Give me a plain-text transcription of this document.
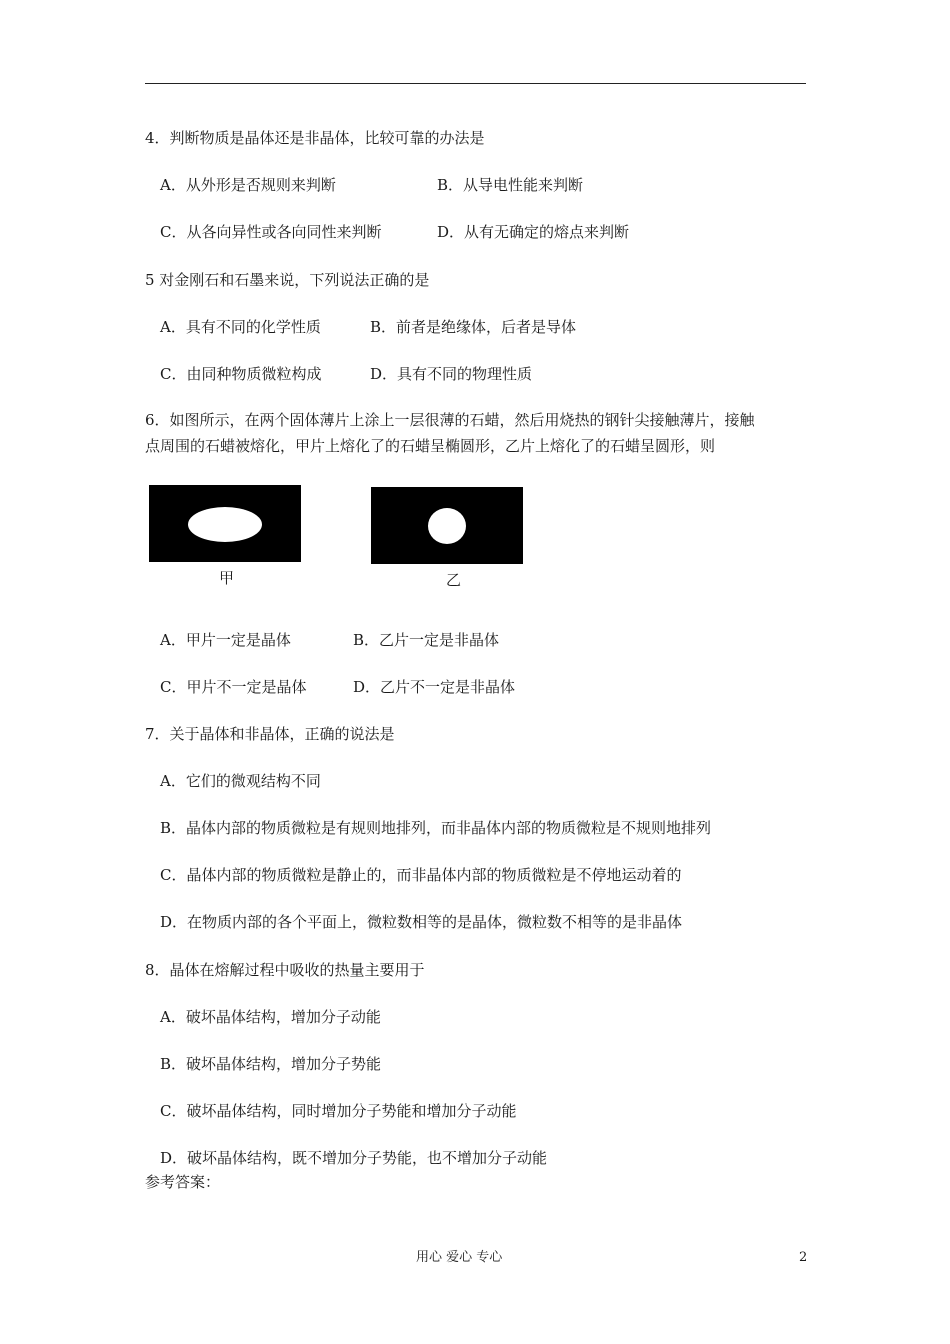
4．判断物质是晶体还是非晶体，比较可靠的办法是
A．从外形是否规则来判断	B．从导电性能来判断
C．从各向异性或各向同性来判断	D．从有无确定的熔点来判断
5 对金刚石和石墨来说，下列说法正确的是
A．具有不同的化学性质	B．前者是绝缘体，后者是导体
C．由同种物质微粒构成	D．具有不同的物理性质
6．如图所示，在两个固体薄片上涂上一层很薄的石蜡，然后用烧热的钢针尖接触薄片，接触
点周围的石蜡被熔化，甲片上熔化了的石蜡呈椭圆形，乙片上熔化了的石蜡呈圆形，则
甲	乙
A．甲片一定是晶体	B．乙片一定是非晶体
C．甲片不一定是晶体	D．乙片不一定是非晶体
7．关于晶体和非晶体，正确的说法是
A．它们的微观结构不同
B．晶体内部的物质微粒是有规则地排列，而非晶体内部的物质微粒是不规则地排列
C．晶体内部的物质微粒是静止的，而非晶体内部的物质微粒是不停地运动着的
D．在物质内部的各个平面上，微粒数相等的是晶体，微粒数不相等的是非晶体
8．晶体在熔解过程中吸收的热量主要用于
A．破坏晶体结构，增加分子动能
B．破坏晶体结构，增加分子势能
C．破坏晶体结构，同时增加分子势能和增加分子动能
D．破坏晶体结构，既不增加分子势能，也不增加分子动能
参考答案：
用心 爱心 专心	2
